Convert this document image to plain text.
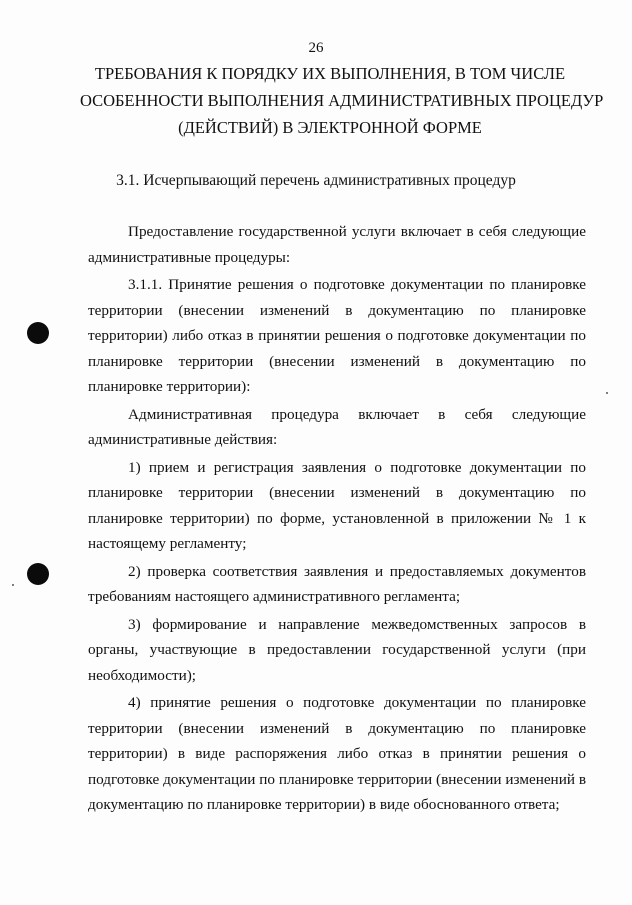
26
ТРЕБОВАНИЯ К ПОРЯДКУ ИХ ВЫПОЛНЕНИЯ, В ТОМ ЧИСЛЕ
ОСОБЕННОСТИ ВЫПОЛНЕНИЯ АДМИНИСТРАТИВНЫХ ПРОЦЕДУР
(ДЕЙСТВИЙ) В ЭЛЕКТРОННОЙ ФОРМЕ
3.1. Исчерпывающий перечень административных процедур

Предоставление государственной услуги включает в себя следующие административные процедуры:

3.1.1. Принятие решения о подготовке документации по планировке территории (внесении изменений в документацию по планировке территории) либо отказ в принятии решения о подготовке документации по планировке территории (внесении изменений в документацию по планировке территории):

Административная процедура включает в себя следующие административные действия:

1) прием и регистрация заявления о подготовке документации по планировке территории (внесении изменений в документацию по планировке территории) по форме, установленной в приложении № 1 к настоящему регламенту;

2) проверка соответствия заявления и предоставляемых документов требованиям настоящего административного регламента;

3) формирование и направление межведомственных запросов в органы, участвующие в предоставлении государственной услуги (при необходимости);

4) принятие решения о подготовке документации по планировке территории (внесении изменений в документацию по планировке территории) в виде распоряжения либо отказ в принятии решения о подготовке документации по планировке территории (внесении изменений в документацию по планировке территории) в виде обоснованного ответа;
